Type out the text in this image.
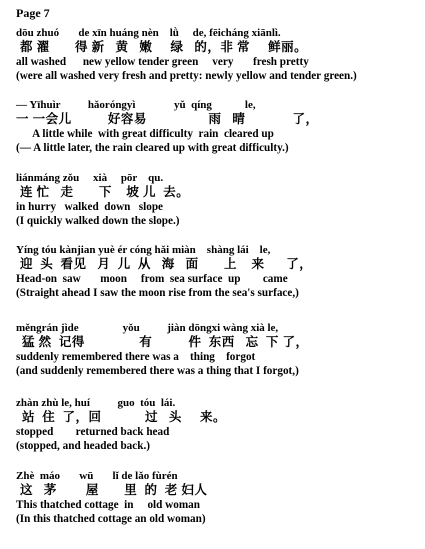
Page 7
dōu zhuó       de xīn huáng nèn    lǜ     de, fēicháng xiānlì.
都 濯       得 新   黄   嫩     绿   的，非 常     鲜丽。
all washed      new yellow tender green     very       fresh pretty
(were all washed very fresh and pretty: newly yellow and tender green.)
— Yīhuìr          hǎoróngyì              yǔ  qíng            le,
一 一会儿          好容易                 雨   晴             了，
A little while  with great difficulty  rain  cleared up
(— A little later, the rain cleared up with great difficulty.)
liánmáng zǒu     xià     pōr    qu.
连 忙   走       下    坡 儿  去。
in hurry   walked  down   slope
(I quickly walked down the slope.)
Yíng tóu kànjian yuè ér cóng hǎi miàn    shàng lái    le,
迎  头  看见   月  儿  从   海   面       上    来      了，
Head-on  saw       moon     from  sea surface  up        came
(Straight ahead I saw the moon rise from the sea's surface,)
měngrán jìde                yǒu          jiàn dōngxi wàng xià le,
猛 然  记得               有          件  东西   忘  下 了，
suddenly remembered there was a    thing    forgot
(and suddenly remembered there was a thing that I forgot,)
zhàn zhù le, huí          guo  tóu  lái.
站  住  了，回            过   头     来。
stopped        returned back head
(stopped, and headed back.)
Zhè  máo       wū       lǐ de lǎo fùrén
这   茅        屋       里  的  老 妇人
This thatched cottage  in     old woman
(In this thatched cottage an old woman)
